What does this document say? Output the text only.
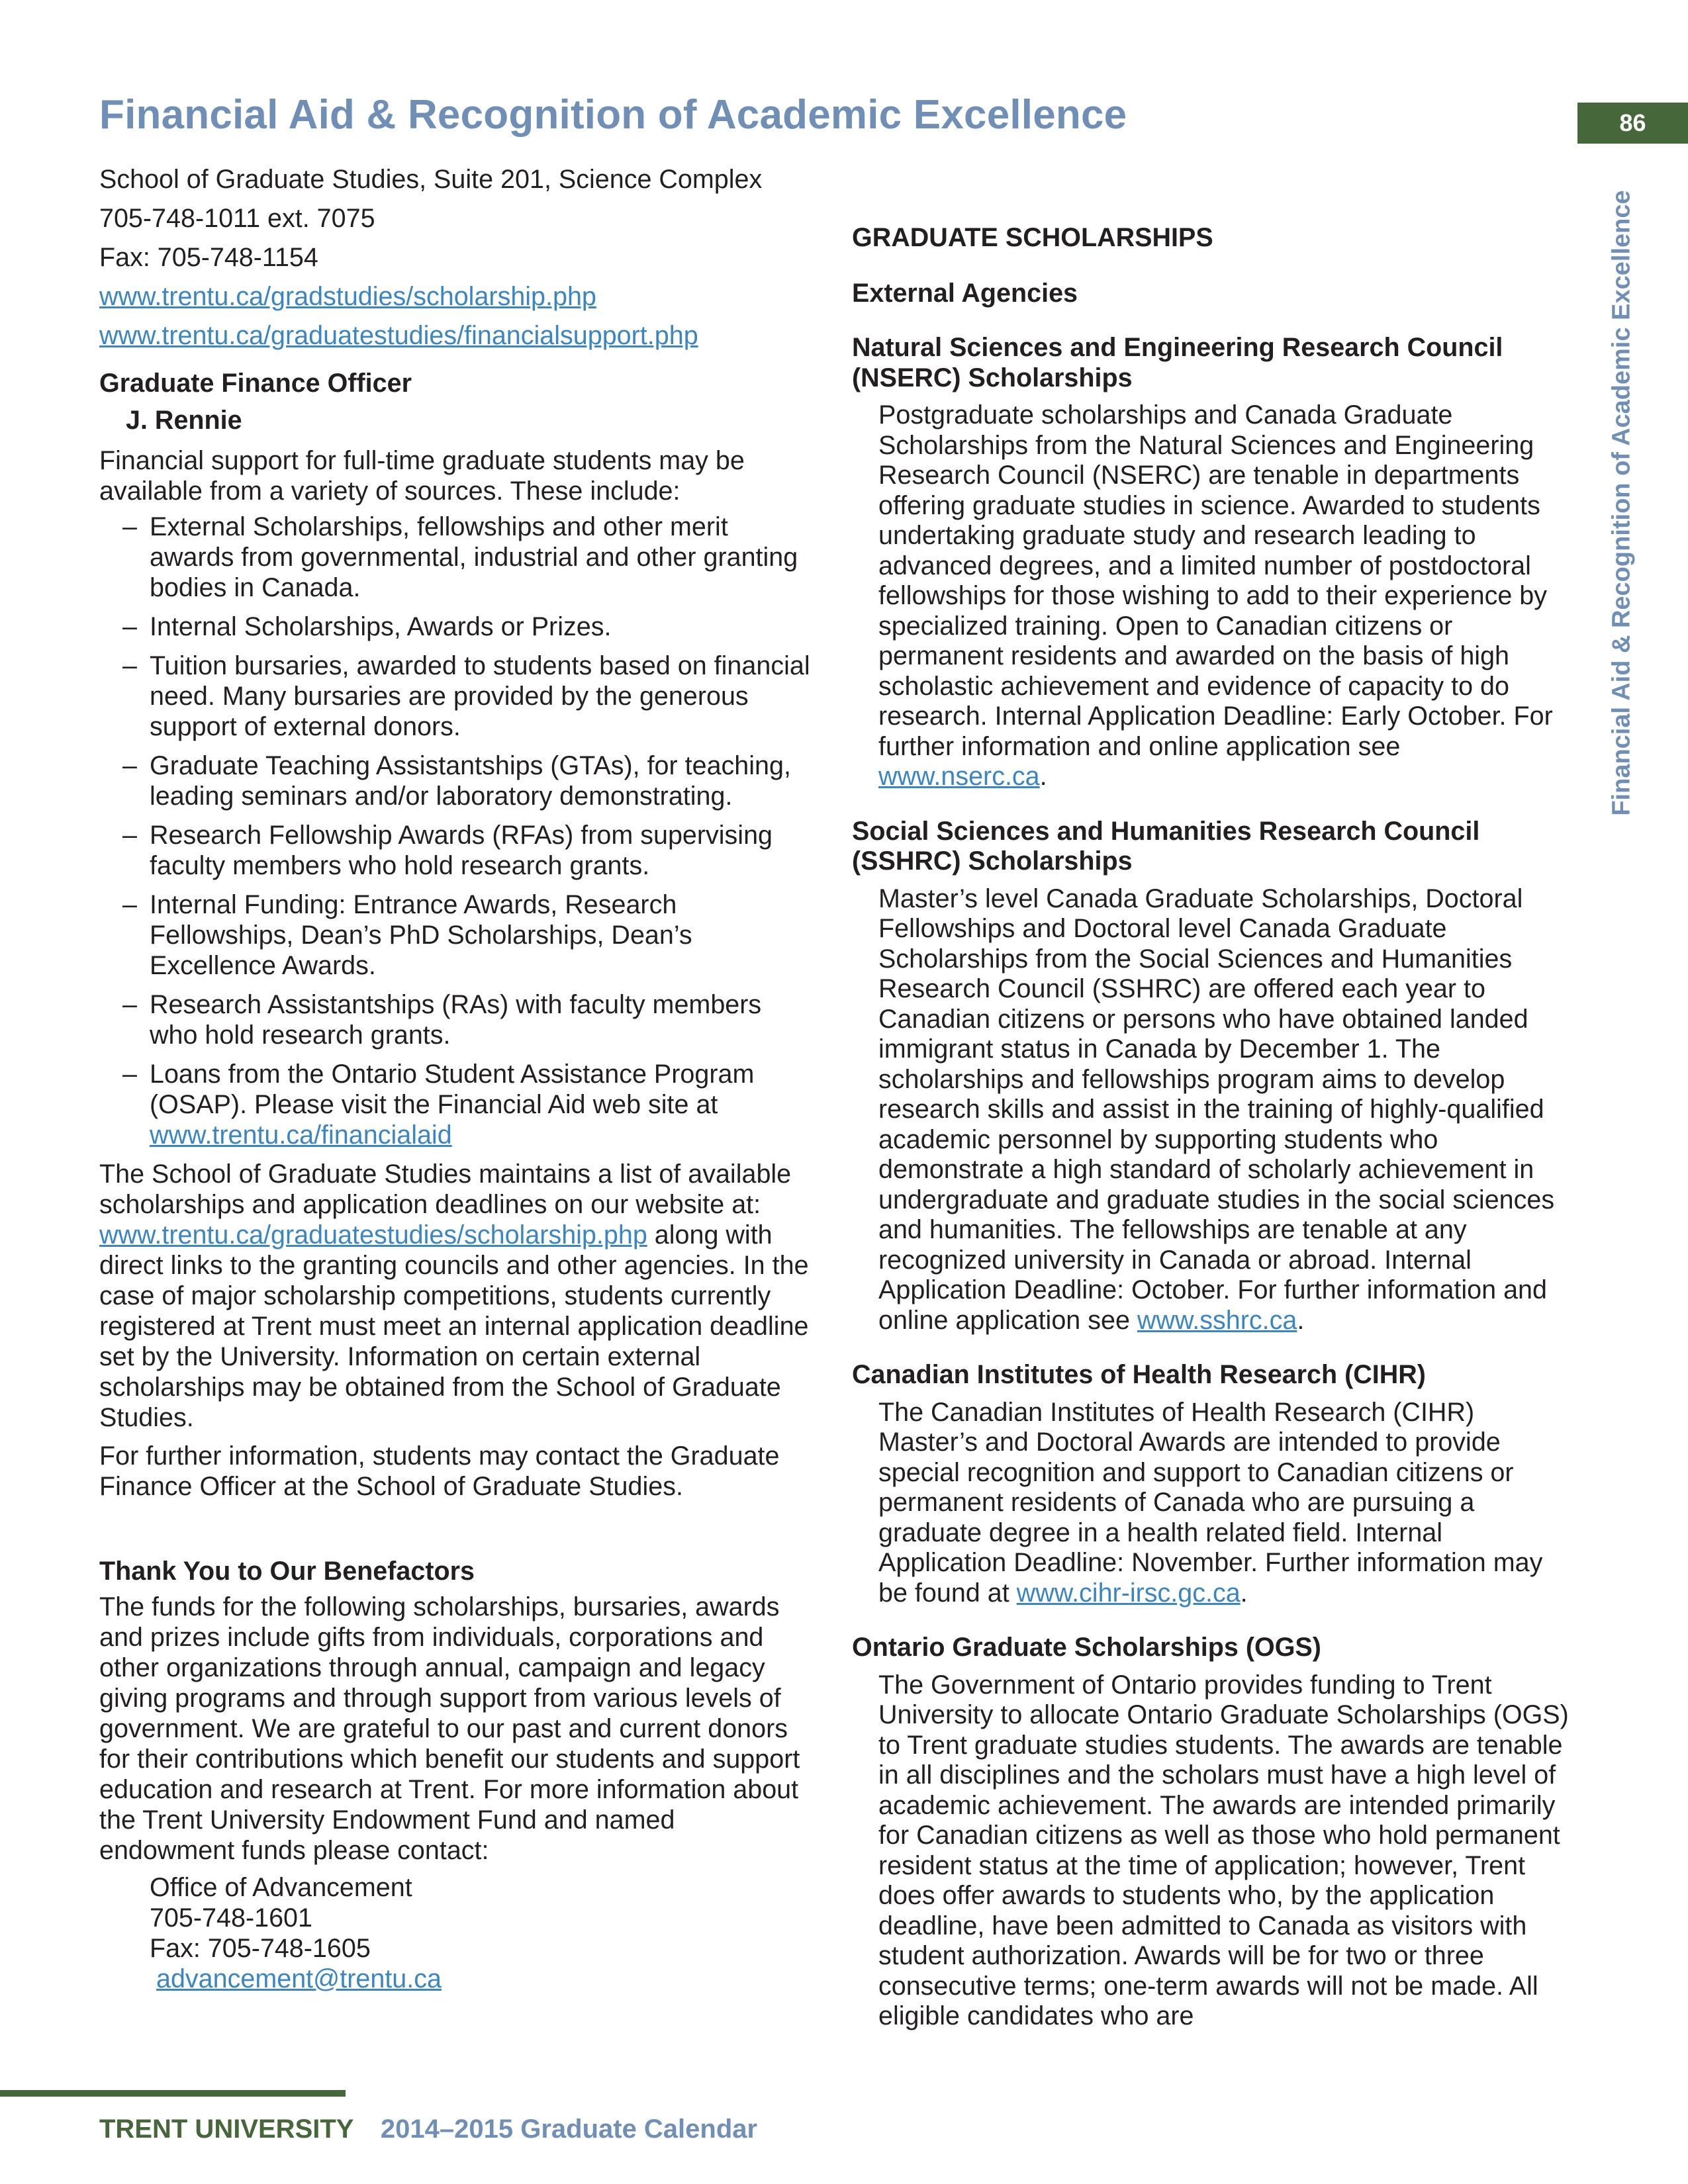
Financial Aid & Recognition of Academic Excellence	86
Financial Aid & Recognition of Academic Excellence
School of Graduate Studies, Suite 201, Science Complex
705-748-1011 ext. 7075
Fax: 705-748-1154
www.trentu.ca/gradstudies/scholarship.php
www.trentu.ca/graduatestudies/financialsupport.php
Graduate Finance Officer
J. Rennie

Financial support for full-time graduate students may be available from a variety of sources. These include:

– External Scholarships, fellowships and other merit awards from governmental, industrial and other granting bodies in Canada.
– Internal Scholarships, Awards or Prizes.
– Tuition bursaries, awarded to students based on financial need. Many bursaries are provided by the generous support of external donors.
– Graduate Teaching Assistantships (GTAs), for teaching, leading seminars and/or laboratory demonstrating.
– Research Fellowship Awards (RFAs) from supervising faculty members who hold research grants.
– Internal Funding: Entrance Awards, Research Fellowships, Dean’s PhD Scholarships, Dean’s Excellence Awards.
– Research Assistantships (RAs) with faculty members who hold research grants.
– Loans from the Ontario Student Assistance Program (OSAP). Please visit the Financial Aid web site at www.trentu.ca/financialaid

The School of Graduate Studies maintains a list of available scholarships and application deadlines on our website at: www.trentu.ca/graduatestudies/scholarship.php along with direct links to the granting councils and other agencies. In the case of major scholarship competitions, students currently registered at Trent must meet an internal application deadline set by the University. Information on certain external scholarships may be obtained from the School of Graduate Studies.

For further information, students may contact the Graduate Finance Officer at the School of Graduate Studies.

Thank You to Our Benefactors

The funds for the following scholarships, bursaries, awards and prizes include gifts from individuals, corporations and other organizations through annual, campaign and legacy giving programs and through support from various levels of government. We are grateful to our past and current donors for their contributions which benefit our students and support education and research at Trent. For more information about the Trent University Endowment Fund and named endowment funds please contact:

Office of Advancement
705-748-1601
Fax: 705-748-1605
advancement@trentu.ca
GRADUATE SCHOLARSHIPS
External Agencies
Natural Sciences and Engineering Research Council (NSERC) Scholarships

Postgraduate scholarships and Canada Graduate Scholarships from the Natural Sciences and Engineering Research Council (NSERC) are tenable in departments offering graduate studies in science. Awarded to students undertaking graduate study and research leading to advanced degrees, and a limited number of postdoctoral fellowships for those wishing to add to their experience by specialized training. Open to Canadian citizens or permanent residents and awarded on the basis of high scholastic achievement and evidence of capacity to do research. Internal Application Deadline: Early October. For further information and online application see www.nserc.ca.

Social Sciences and Humanities Research Council (SSHRC) Scholarships

Master’s level Canada Graduate Scholarships, Doctoral Fellowships and Doctoral level Canada Graduate Scholarships from the Social Sciences and Humanities Research Council (SSHRC) are offered each year to Canadian citizens or persons who have obtained landed immigrant status in Canada by December 1. The scholarships and fellowships program aims to develop research skills and assist in the training of highly-qualified academic personnel by supporting students who demonstrate a high standard of scholarly achievement in undergraduate and graduate studies in the social sciences and humanities. The fellowships are tenable at any recognized university in Canada or abroad. Internal Application Deadline: October. For further information and online application see www.sshrc.ca.

Canadian Institutes of Health Research (CIHR)

The Canadian Institutes of Health Research (CIHR) Master’s and Doctoral Awards are intended to provide special recognition and support to Canadian citizens or permanent residents of Canada who are pursuing a graduate degree in a health related field. Internal Application Deadline: November. Further information may be found at www.cihr-irsc.gc.ca.

Ontario Graduate Scholarships (OGS)

The Government of Ontario provides funding to Trent University to allocate Ontario Graduate Scholarships (OGS) to Trent graduate studies students. The awards are tenable in all disciplines and the scholars must have a high level of academic achievement. The awards are intended primarily for Canadian citizens as well as those who hold permanent resident status at the time of application; however, Trent does offer awards to students who, by the application deadline, have been admitted to Canada as visitors with student authorization. Awards will be for two or three consecutive terms; one-term awards will not be made. All eligible candidates who are

TRENT UNIVERSITY 2014–2015 Graduate Calendar
